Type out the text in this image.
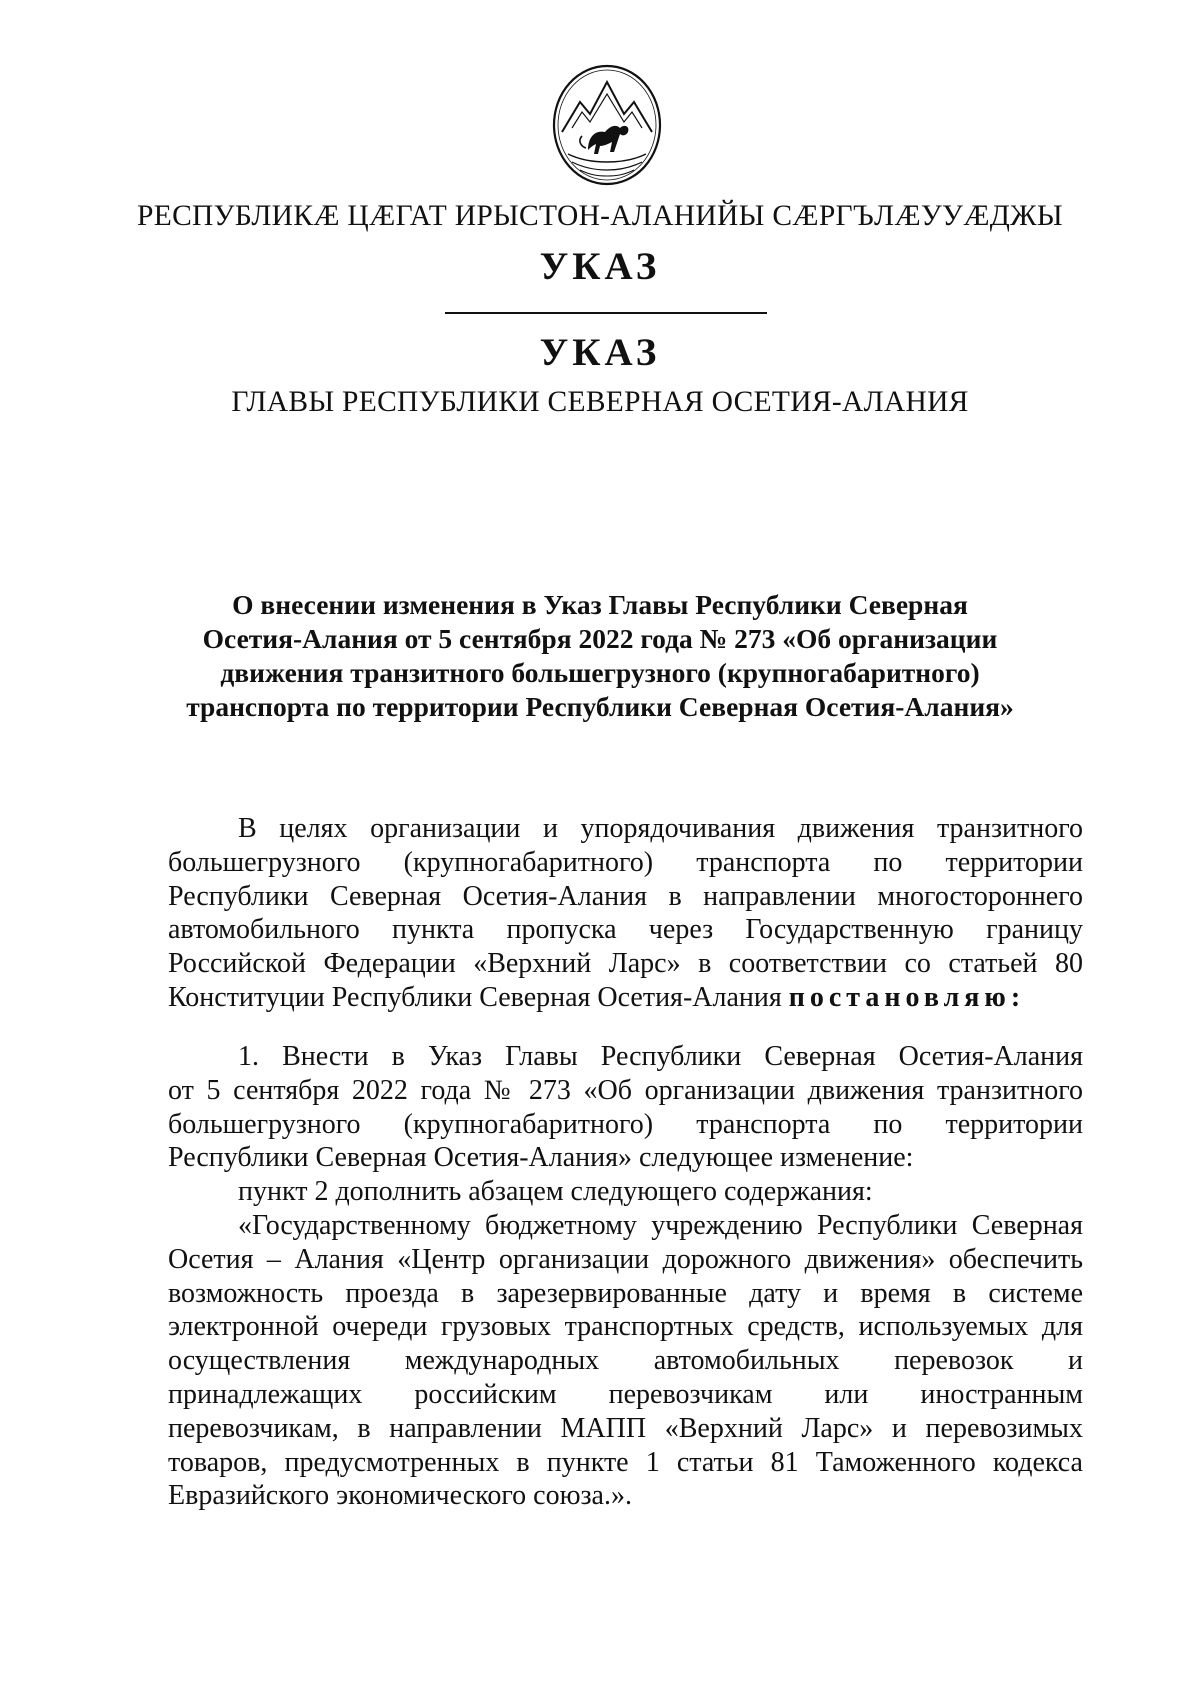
РЕСПУБЛИКӔ ЦӔГАТ ИРЫСТОН-АЛАНИЙЫ СӔРГЪЛӔУУӔДЖЫ
УКАЗ
УКАЗ
ГЛАВЫ РЕСПУБЛИКИ СЕВЕРНАЯ ОСЕТИЯ-АЛАНИЯ
О внесении изменения в Указ Главы Республики Северная
Осетия-Алания от 5 сентября 2022 года № 273 «Об организации
движения транзитного большегрузного (крупногабаритного)
транспорта по территории Республики Северная Осетия-Алания»
В целях организации и упорядочивания движения транзитного
большегрузного (крупногабаритного) транспорта по территории
Республики Северная Осетия-Алания в направлении многостороннего
автомобильного пункта пропуска через Государственную границу
Российской Федерации «Верхний Ларс» в соответствии со статьей 80
Конституции Республики Северная Осетия-Алания постановляю:
1. Внести в Указ Главы Республики Северная Осетия-Алания
от 5 сентября 2022 года № 273 «Об организации движения транзитного
большегрузного (крупногабаритного) транспорта по территории
Республики Северная Осетия-Алания» следующее изменение:
пункт 2 дополнить абзацем следующего содержания:
«Государственному бюджетному учреждению Республики Северная
Осетия – Алания «Центр организации дорожного движения» обеспечить
возможность проезда в зарезервированные дату и время в системе
электронной очереди грузовых транспортных средств, используемых для
осуществления международных автомобильных перевозок и
принадлежащих российским перевозчикам или иностранным
перевозчикам, в направлении МАПП «Верхний Ларс» и перевозимых
товаров, предусмотренных в пункте 1 статьи 81 Таможенного кодекса
Евразийского экономического союза.».
